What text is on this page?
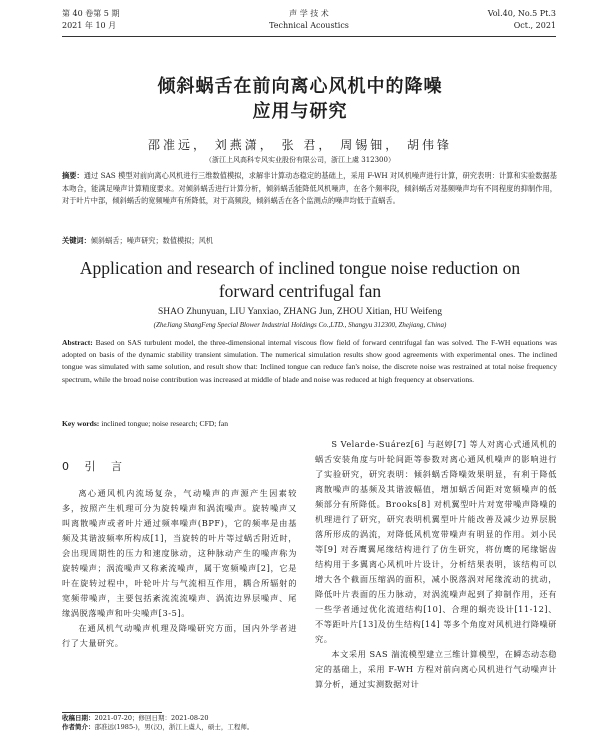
第 40 卷第 5 期
2021 年 10 月
声 学 技 术
Technical Acoustics
Vol.40, No.5 Pt.3
Oct., 2021
倾斜蜗舌在前向离心风机中的降噪
应用与研究
邵准远， 刘燕潇， 张 君， 周锡钿， 胡伟锋
（浙江上风高科专风实业股份有限公司，浙江上虞 312300）
摘要：通过 SAS 模型对前向离心风机进行三维数值模拟，求解非计算动态稳定的基础上，采用 F-WH 对风机噪声进行计算，研究表明：计算和实验数据基本吻合，能满足噪声计算精度要求。对倾斜蜗舌进行计算分析，倾斜蜗舌能降低风机噪声，在各个频率段，倾斜蜗舌对基频噪声均有不同程度的抑制作用，对于叶片中部，倾斜蜗舌的宽频噪声有所降低，对于高频段，倾斜蜗舌在各个监测点的噪声均低于直蜗舌。
关键词：倾斜蜗舌；噪声研究；数值模拟；风机
Application and research of inclined tongue noise reduction on
forward centrifugal fan
SHAO Zhunyuan, LIU Yanxiao, ZHANG Jun, ZHOU Xitian, HU Weifeng
(ZheJiang ShangFeng Special Blower Industrial Holdings Co.,LTD., Shangyu 312300, Zhejiang, China)
Abstract: Based on SAS turbulent model, the three-dimensional internal viscous flow field of forward centrifugal fan was solved. The F-WH equations was adopted on basis of the dynamic stability transient simulation. The numerical simulation results show good agreements with experimental ones. The inclined tongue was simulated with same solution, and result show that: Inclined tongue can reduce fan's noise, the discrete noise was restrained at total noise frequency spectrum, while the broad noise contribution was increased at middle of blade and noise was reduced at high frequency at observations.
Key words: inclined tongue; noise research; CFD; fan
0 引 言

离心通风机内流场复杂，气动噪声的声源产生因素较多，按照产生机理可分为旋转噪声和涡流噪声。旋转噪声又叫离散噪声或者叶片通过频率噪声(BPF)，它的频率是由基频及其谐波频率所构成[1]，当旋转的叶片等过蜗舌附近时，会出现周期性的压力和速度脉动，这种脉动产生的噪声称为旋转噪声；涡流噪声又称紊流噪声，属于宽频噪声[2]，它是叶在旋转过程中，叶轮叶片与气流相互作用，耦合所辐射的宽频带噪声，主要包括紊流流流噪声、涡流边界层噪声、尾缘涡脱落噪声和叶尖噪声[3-5]。

在通风机气动噪声机理及降噪研究方面，国内外学者进行了大量研究。

S Velarde-Suárez[6] 与赵婷[7] 等人对离心式通风机的蜗舌安装角度与叶轮间距等参数对离心通风机噪声的影响进行了实验研究，研究表明：倾斜蜗舌降噪效果明显，有利于降低离散噪声的基频及其谐波幅值，增加蜗舌间距对宽频噪声的低频部分有所降低。Brooks[8] 对机翼型叶片对宽带噪声降噪的机理进行了研究，研究表明机翼型叶片能改善及减少边界层脱落所形成的涡流，对降低风机宽带噪声有明显的作用。刘小民等[9] 对吞鹰翼尾缘结构进行了仿生研究，将仿鹰的尾缘锯齿结构用于多翼离心风机叶片设计，分析结果表明，该结构可以增大各个截面压缩涡的面积，减小脱落涡对尾缘流动的扰动，降低叶片表面的压力脉动，对涡流噪声起到了抑制作用，还有一些学者通过优化流道结构[10]、合理的蜗壳设计[11-12]、不等距叶片[13]及仿生结构[14] 等多个角度对风机进行降噪研究。

本文采用 SAS 湍流模型建立三维计算模型，在瞬态动态稳定的基础上，采用 F-WH 方程对前向离心风机进行气动噪声计算分析，通过实测数据对计

收稿日期：2021-07-20；修回日期：2021-08-20
作者简介：邵准远(1985-)，男(汉)，浙江上虞人，硕士，工程师。
